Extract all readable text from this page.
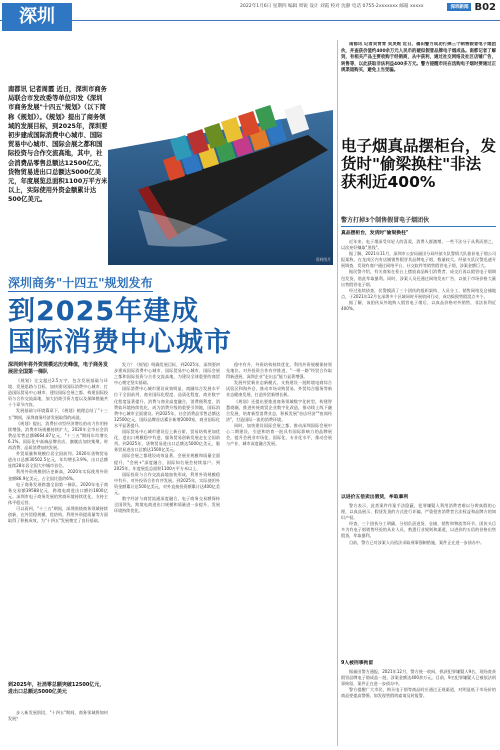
深圳	2022年1月6日 星期四 编辑 周锐 设计 刘霞 校对 沈静 电话 0755-2xxxxxxx 邮箱 xxxxx	深圳新闻 B02
南都讯 记者周霞 近日，深圳市商务局联合市发改委等单位印发《深圳市商务发展"十四五"规划》（以下简称《规划》）。《规划》提出了商务领域的发展目标，到2025年，深圳要初步建成国际消费中心城市、国际贸易中心城市、国际会展之都和国际投资与合作交流高地，其中，社会消费品零售总额达12500亿元，货物贸易进出口总额达5000亿美元，年度展览总面积1100万平方米以上，实际使用外资金额累计达500亿美元。
资料图片
深圳商务"十四五"规划发布
到2025年建成
国际消费中心城市
深圳到年将外资规模达历史峰值，电子商务发展居全国第一梯队

《规划》全文超过2.5万字，包含发展基础与环境、发展思路与目标、加快建设国际消费中心城市、打造国际贸易中心城市、建设国际会展之都、构建国际投资与合作交流高地、加大招商引资力度以及保障措施共十个章节内容。

发展基础与环境篇章下，《规划》梳理总结了"十三五"期间，深圳商务经济发展取得的成就。

《规划》提出，消费拉动型经济增长的动力作用持续增强，消费市场规模持续扩大，2020年全市社会消费品零售总额8664.87亿元，"十三五"期间年均增长6.1%。国际化中高端品牌首店、旗舰店加快集聚，时尚消费、品质消费加快发展。

外贸质量和规模位居全国前列。2020年货物贸易进出口总额30502.5亿元，年均增长3.9%，出口总额连续28年居全国大中城市首位。

利用外资规模创历史新高，2020年实际使用外资金额86.9亿美元，占全国比重约6%。

电子商务发展跨越全国第一梯队。2020年电子商务交易额39588亿元，跨境电商进出口额约1600亿元。深圳市电子商务发展的营商环境持续优化，支持主体平稳运营。

可以看到，"十三五"期间，深圳围绕商务领域持续创新，在外贸稳规模、优结构，利用外资提质量等方面取得了积极成效，为"十四五"发展奠定了良好基础。

到2025年，社消零总额突破12500亿元，进出口总额达5000亿美元

步入新发展阶段，"十四五"期间，商务领域将如何发展？

发力？《规划》明确发展目标，到2025年，深圳要初步建成国际消费中心城市、国际贸易中心城市、国际会展之都和国际投资与合作交流高地，为建设全球重要的商贸中心奠定坚实基础。

国际消费中心城市建设成效明显，商圈综合发展水平位于全国前列，商业国际化程度、品质化程度、商业数字化程度显著提升，消费与商业高度融合，消费便利度、消费软环境持续优化，成为消费升级的重要引领地，国际消费中心城市全面建设。到2025年，社会消费品零售总额达12500亿元，国际品牌首店累计新增2000家，商业国际化水平显著提升。

国际贸易中心城市建设迈上新台阶，贸易结构更加优化，进出口规模稳中有进，服务贸易创新发展走在全国前列。到2025年，货物贸易进出口总额达5000亿美元，服务贸易进出口总额达1500亿美元。

国际会展之都建设成效显著，会展业规模和质量全面提升，"会展+"深度融合，国际知名展会持续落户。到2025年，年度展览总面积1100万平方米以上。

国际投资与合作交流高地加快形成，利用外资规模稳中有升，对外投资合作有序发展。到2025年，实际使用外资金额累计达500亿美元，对外直接投资额累计达400亿美元。

数字经济与商贸流通深度融合，电子商务交易额保持全国领先，跨境电商进出口规模和质量进一步提升，发展环境持续优化。

稳中有升，外资结构持续优化，利用外资规模保持领先地位。对外投资合作有序推进，"一带一路"经贸合作取得新进展，深圳企业"走出去"能力显著增强。

发展外贸新业态新模式，支持建设一批跨境电商综合试验区和海外仓，推动市场采购贸易、外贸综合服务等新业态健康发展，打造外贸新增长极。

《规划》还提出要推进商务领域数字化转型，构建智慧商圈，推进传统商贸企业数字化改造，推动线上线下融合发展，培育新型消费业态，积极发展"首店经济""夜间经济"，打造国际一流的消费环境。

同时，加快建设国际会展之都，推动深圳国际会展中心二期建设，引进和培育一批具有国际影响力的品牌展会，提升会展业市场化、国际化、专业化水平，推动会展与产业、城市深度融合发展。

南都讯 记者吴青青 吴灵妮 近日，福田警方成功打掉三个制售假冒电子烟团伙，并查获价值约400余万元人民币的疑似假冒品牌电子烟成品。南都记者了解到，有相关产品主要收购于经销商，从中获利，通过社交网络及社区店铺广告，转售等，以此获取非法利益400多万元。警方提醒市民在选购电子烟时要通过正规渠道购买，避免上当受骗。

电子烟真品摆柜台，发货时"偷梁换柱"非法获利近400%
警方打掉3个制售假冒电子烟团伙
真品摆柜台，发货时"偷梁换柱"

近年来，电子烟深受年轻人的喜爱，消费人群激增，一些不法分子从利而图之，以次充好赚取"黑钱"。

据了解，2021年11月，深圳市公安局福田分局经侦支队警情大队侦获电子烟公司报案称，在龙岗区内有店铺销售假冒其品牌电子烟，数量较大。经侦支队民警迅速开展调查，发现有商户通过网络平台、社交软件等销售假冒电子烟，涉案金额巨大。

据民警介绍，有关商家在柜台上摆放真品吸引消费者，成交后再以假冒电子烟调包发货，借此牟取暴利。同时，涉案人员还通过网络发布广告，以低于市场价格大量出售假冒电子烟。

经过连续侦查，民警摸清了三个团伙的组织架构、人员分工、销售网络及仓储地点，于2021年12月在深圳多个区域同时开展收网行动，成功捣毁售假窝点多个。

据了解，该团伙从外地购入假冒电子烟后，以真品价格对外销售，非法获利近400%。

以进价五倍卖出假货，牟取暴利

警方表示，此类案件作案手法隐蔽，犯罪嫌疑人利用消费者难以分辨真假的心理，以真品展示、假货发货的方式进行诈骗，严重侵害消费者合法权益和品牌方的知识产权。

经查，三个团伙分工明确，分别负责进货、仓储、销售和物流等环节。团伙头目多为有电子烟销售经验的从业人员，熟悉行业规则和渠道，以进价约五倍的价格出售假货，牟取暴利。

目前，警方已对涉案人员依法采取刑事强制措施，案件正在进一步侦办中。

9人被刑事拘留

据福田警方通报，2021年12月，警方统一收网，抓获犯罪嫌疑人9名，现场查获假冒品牌电子烟成品一批，涉案金额达400余万元。目前，9名犯罪嫌疑人已被依法刑事拘留，案件正在进一步侦办中。

警方提醒广大市民，购买电子烟等商品时应通过正规渠道，对明显低于市场价的商品要提高警惕，如发现售假线索请及时报警。
